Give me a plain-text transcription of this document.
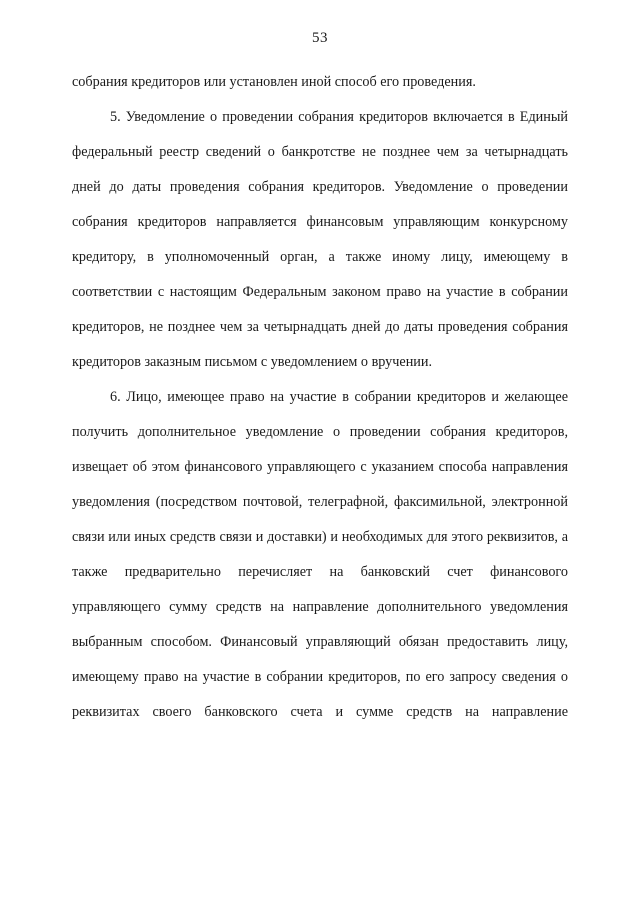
53

собрания кредиторов или установлен иной способ его проведения.

5. Уведомление о проведении собрания кредиторов включается в Единый федеральный реестр сведений о банкротстве не позднее чем за четырнадцать дней до даты проведения собрания кредиторов. Уведомление о проведении собрания кредиторов направляется финансовым управляющим конкурсному кредитору, в уполномоченный орган, а также иному лицу, имеющему в соответствии с настоящим Федеральным законом право на участие в собрании кредиторов, не позднее чем за четырнадцать дней до даты проведения собрания кредиторов заказным письмом с уведомлением о вручении.

6. Лицо, имеющее право на участие в собрании кредиторов и желающее получить дополнительное уведомление о проведении собрания кредиторов, извещает об этом финансового управляющего с указанием способа направления уведомления (посредством почтовой, телеграфной, факсимильной, электронной связи или иных средств связи и доставки) и необходимых для этого реквизитов, а также предварительно перечисляет на банковский счет финансового управляющего сумму средств на направление дополнительного уведомления выбранным способом. Финансовый управляющий обязан предоставить лицу, имеющему право на участие в собрании кредиторов, по его запросу сведения о реквизитах своего банковского счета и сумме средств на направление
